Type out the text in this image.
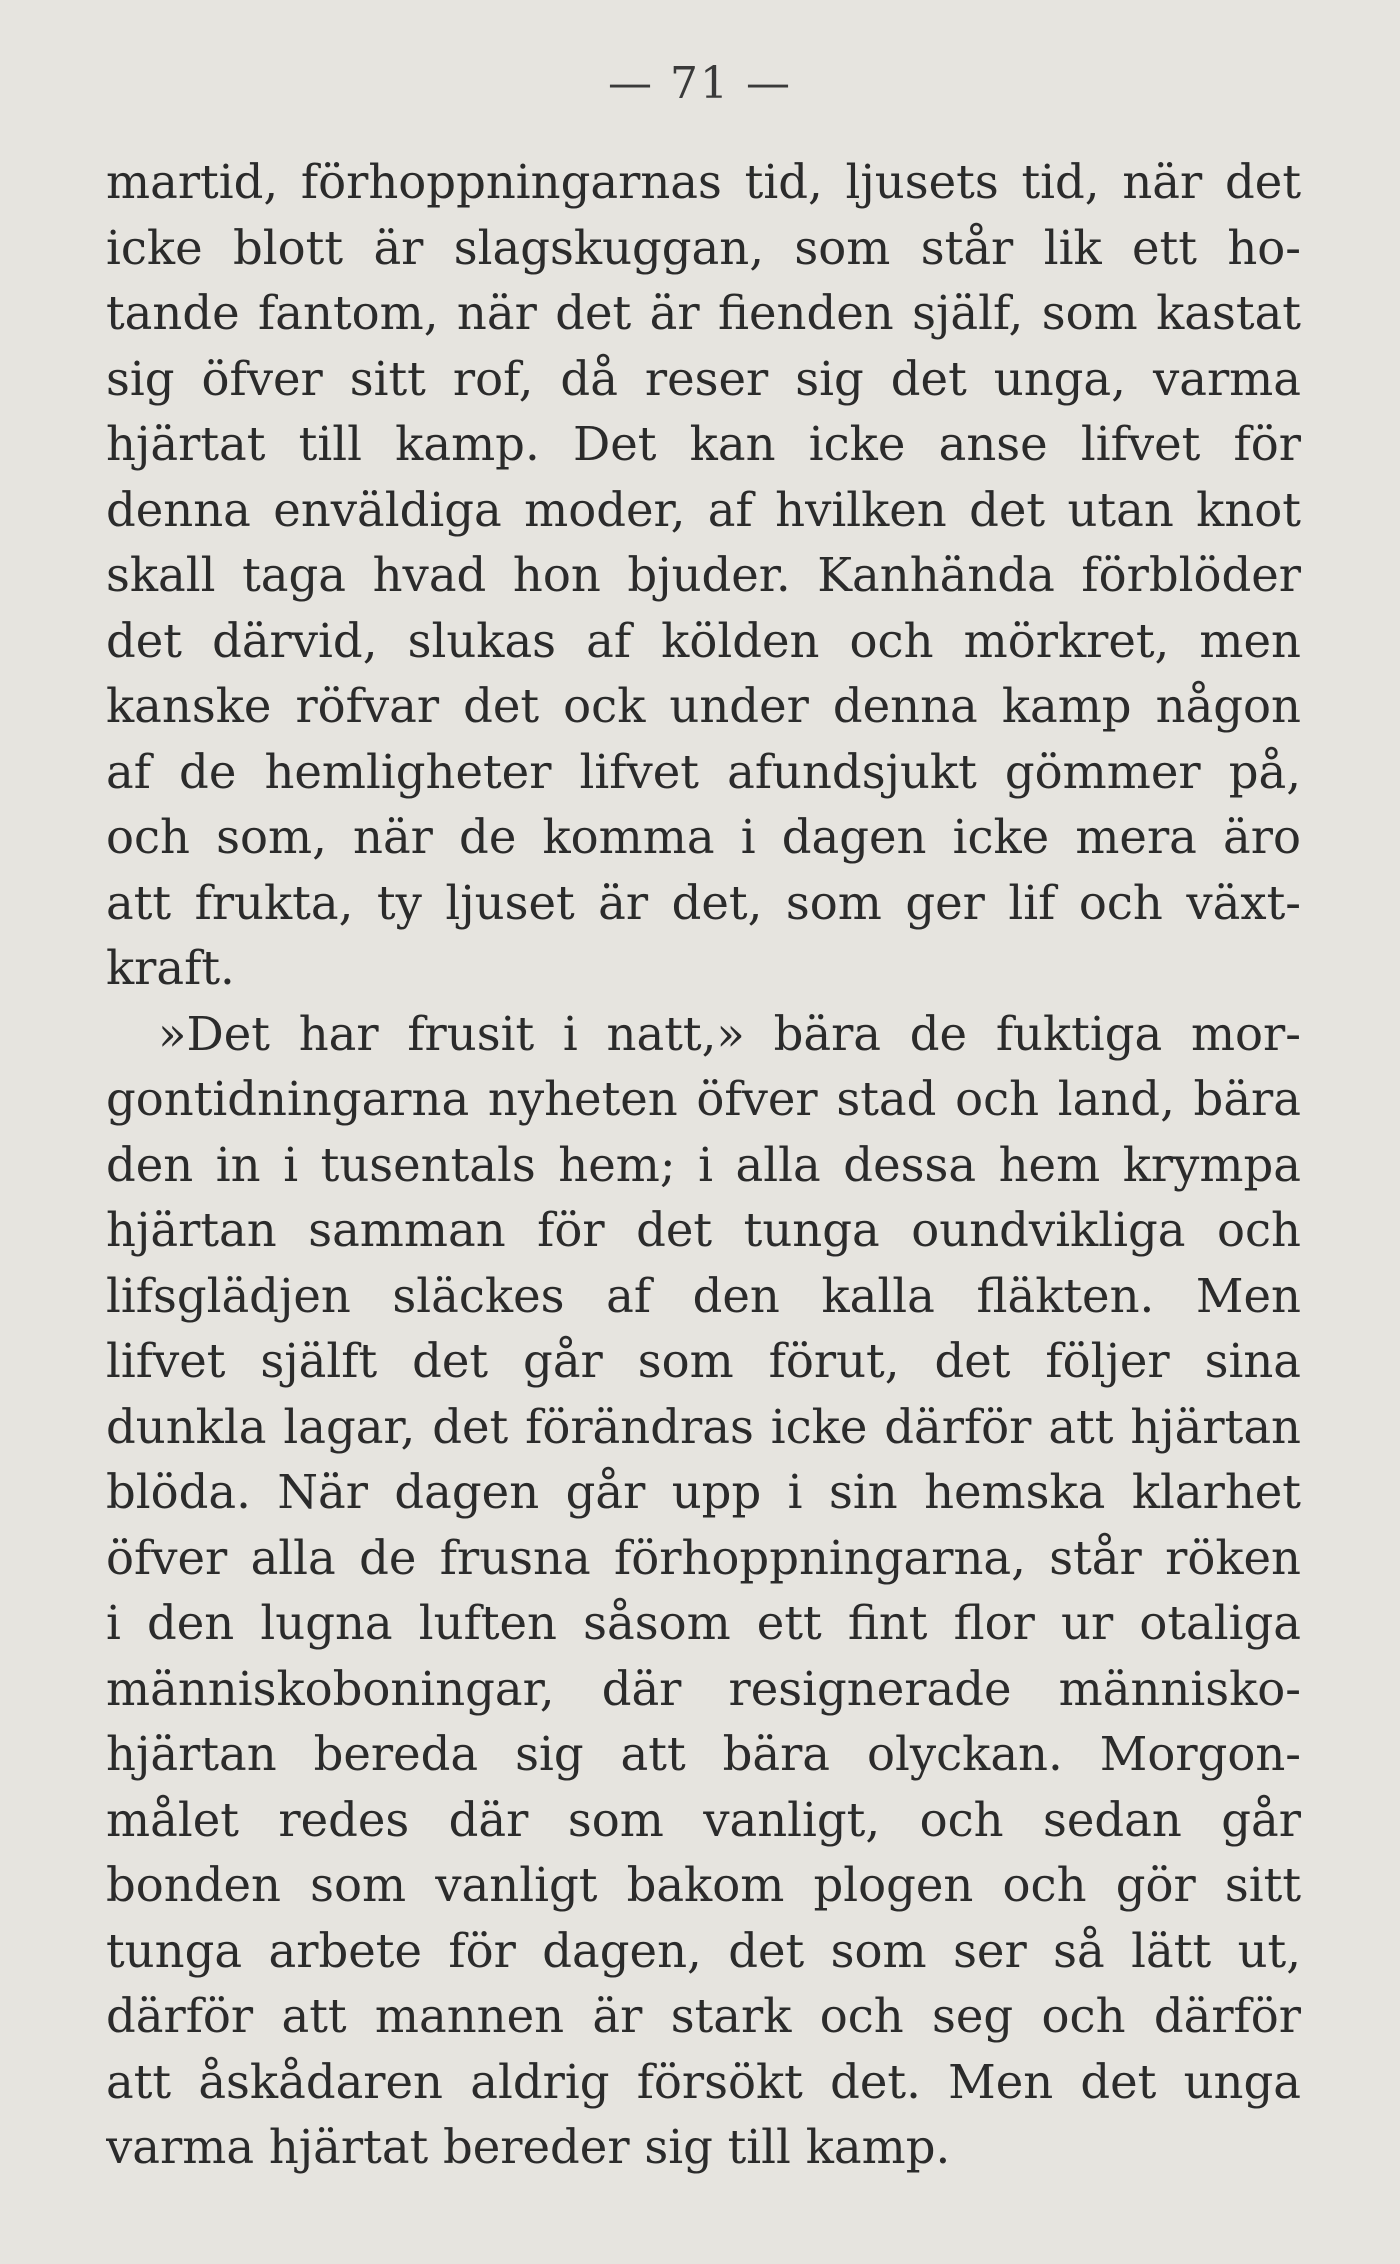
— 71 —
martid, förhoppningarnas tid, ljusets tid, när det
icke blott är slagskuggan, som står lik ett ho-
tande fantom, när det är fienden själf, som kastat
sig öfver sitt rof, då reser sig det unga, varma
hjärtat till kamp. Det kan icke anse lifvet för
denna enväldiga moder, af hvilken det utan knot
skall taga hvad hon bjuder. Kanhända förblöder
det därvid, slukas af kölden och mörkret, men
kanske röfvar det ock under denna kamp någon
af de hemligheter lifvet afundsjukt gömmer på,
och som, när de komma i dagen icke mera äro
att frukta, ty ljuset är det, som ger lif och växt-
kraft.
»Det har frusit i natt,» bära de fuktiga mor-
gontidningarna nyheten öfver stad och land, bära
den in i tusentals hem; i alla dessa hem krympa
hjärtan samman för det tunga oundvikliga och
lifsglädjen släckes af den kalla fläkten. Men
lifvet själft det går som förut, det följer sina
dunkla lagar, det förändras icke därför att hjärtan
blöda. När dagen går upp i sin hemska klarhet
öfver alla de frusna förhoppningarna, står röken
i den lugna luften såsom ett fint flor ur otaliga
människoboningar, där resignerade människo-
hjärtan bereda sig att bära olyckan. Morgon-
målet redes där som vanligt, och sedan går
bonden som vanligt bakom plogen och gör sitt
tunga arbete för dagen, det som ser så lätt ut,
därför att mannen är stark och seg och därför
att åskådaren aldrig försökt det. Men det unga
varma hjärtat bereder sig till kamp.
